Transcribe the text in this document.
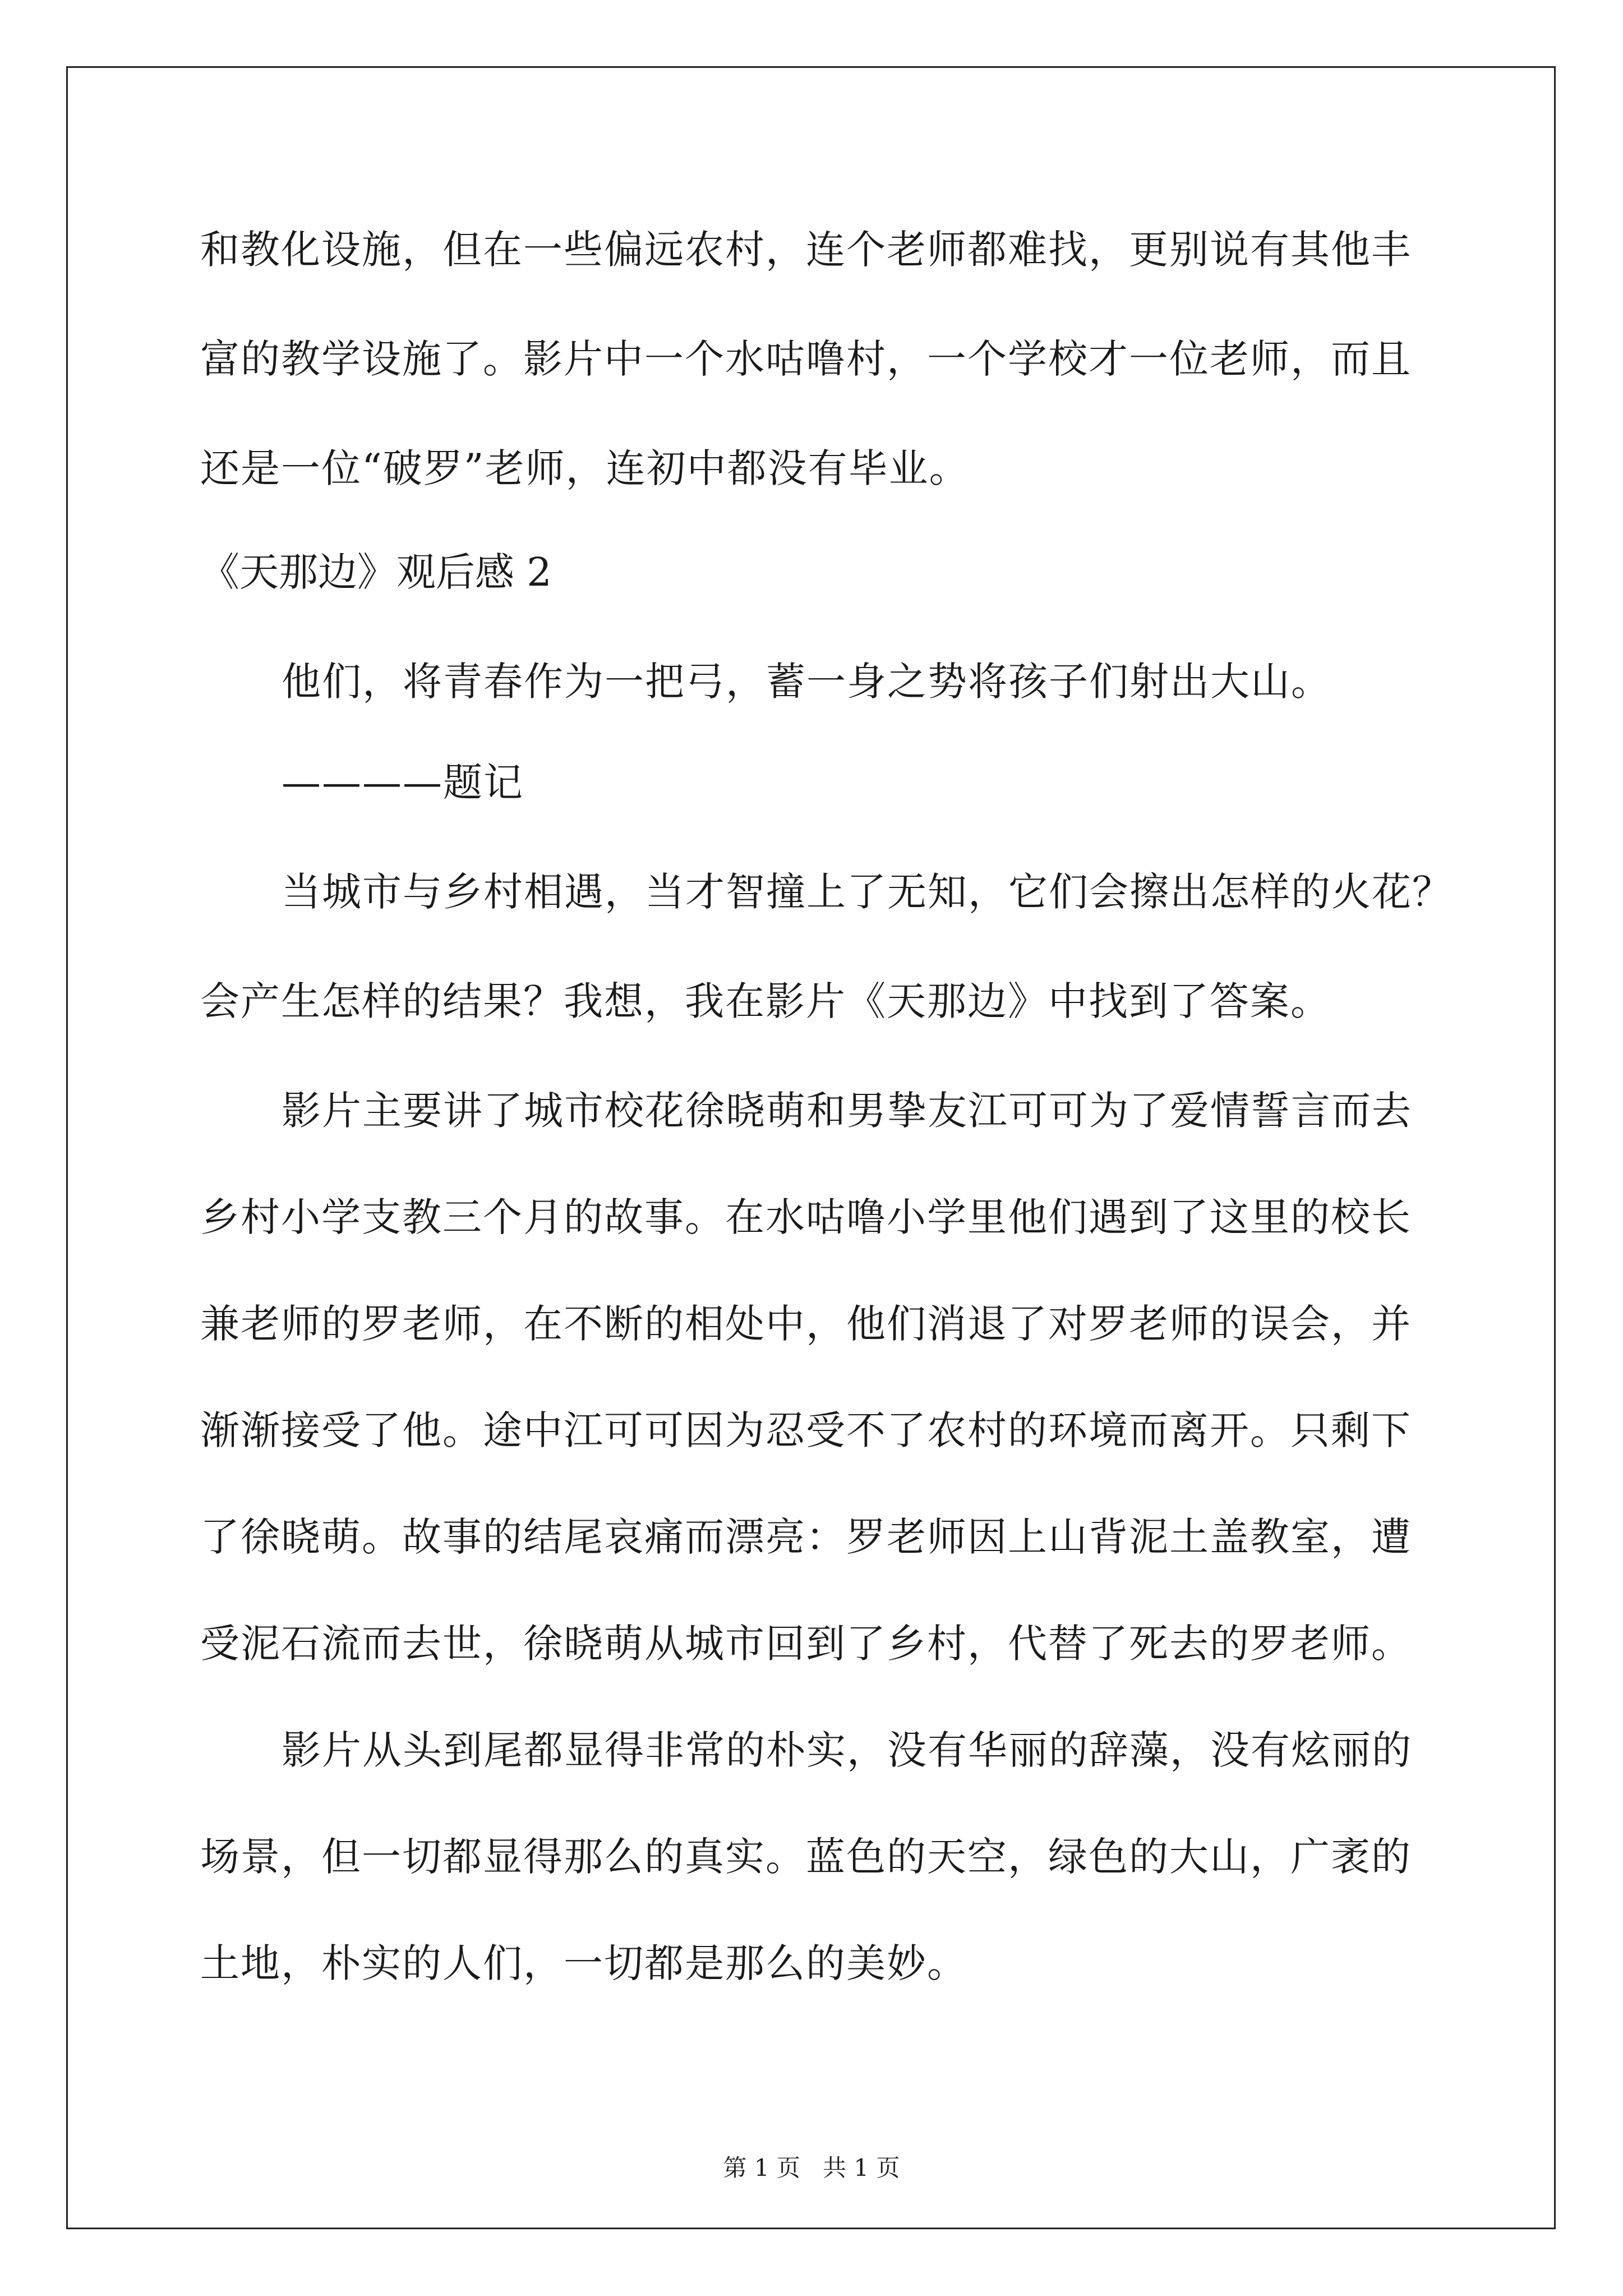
和教化设施，但在一些偏远农村，连个老师都难找，更别说有其他丰
富的教学设施了。影片中一个水咕噜村，一个学校才一位老师，而且
还是一位“破罗”老师，连初中都没有毕业。
《天那边》观后感 2
他们，将青春作为一把弓，蓄一身之势将孩子们射出大山。
————题记
当城市与乡村相遇，当才智撞上了无知，它们会擦出怎样的火花？
会产生怎样的结果？我想，我在影片《天那边》中找到了答案。
影片主要讲了城市校花徐晓萌和男挚友江可可为了爱情誓言而去
乡村小学支教三个月的故事。在水咕噜小学里他们遇到了这里的校长
兼老师的罗老师，在不断的相处中，他们消退了对罗老师的误会，并
渐渐接受了他。途中江可可因为忍受不了农村的环境而离开。只剩下
了徐晓萌。故事的结尾哀痛而漂亮：罗老师因上山背泥土盖教室，遭
受泥石流而去世，徐晓萌从城市回到了乡村，代替了死去的罗老师。
影片从头到尾都显得非常的朴实，没有华丽的辞藻，没有炫丽的
场景，但一切都显得那么的真实。蓝色的天空，绿色的大山，广袤的
土地，朴实的人们，一切都是那么的美妙。
第 1 页   共 1 页
